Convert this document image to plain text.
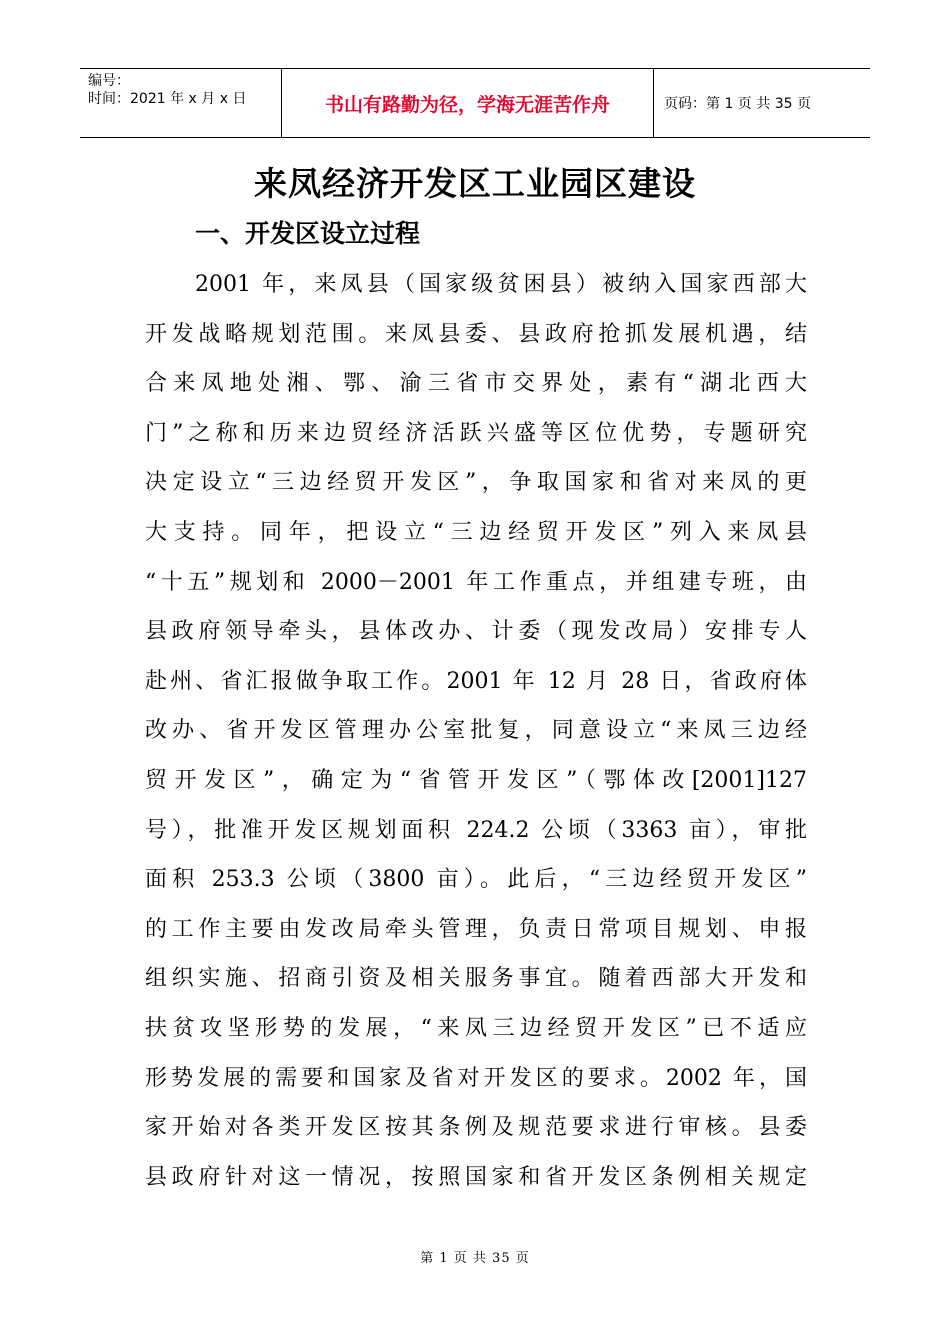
编号：
时间：2021 年 x 月 x 日	书山有路勤为径，学海无涯苦作舟	页码：第 1 页 共 35 页
来凤经济开发区工业园区建设
一、开发区设立过程
2001 年，来凤县（国家级贫困县）被纳入国家西部大
开发战略规划范围。来凤县委、县政府抢抓发展机遇，结
合来凤地处湘、鄂、渝三省市交界处，素有“湖北西大
门”之称和历来边贸经济活跃兴盛等区位优势，专题研究
决定设立“三边经贸开发区”，争取国家和省对来凤的更
大支持。同年，把设立“三边经贸开发区”列入来凤县
“十五”规划和 2000－2001 年工作重点，并组建专班，由
县政府领导牵头，县体改办、计委（现发改局）安排专人
赴州、省汇报做争取工作。2001 年 12 月 28 日，省政府体
改办、省开发区管理办公室批复，同意设立“来凤三边经
贸开发区”，确定为“省管开发区”（鄂体改[2001]127
号），批准开发区规划面积 224.2 公顷（3363 亩），审批
面积 253.3 公顷（3800 亩）。此后，“三边经贸开发区”
的工作主要由发改局牵头管理，负责日常项目规划、申报
组织实施、招商引资及相关服务事宜。随着西部大开发和
扶贫攻坚形势的发展，“来凤三边经贸开发区”已不适应
形势发展的需要和国家及省对开发区的要求。2002 年，国
家开始对各类开发区按其条例及规范要求进行审核。县委
县政府针对这一情况，按照国家和省开发区条例相关规定
第 1 页 共 35 页
